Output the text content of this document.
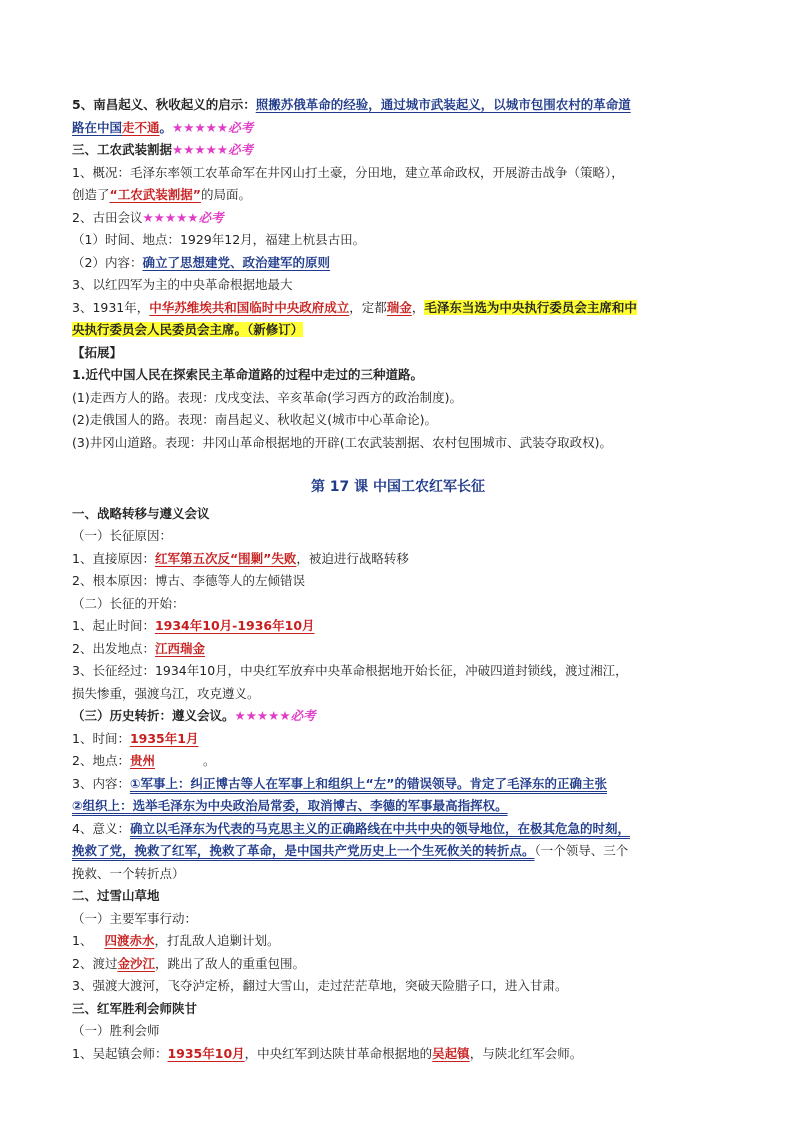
5、南昌起义、秋收起义的启示：照搬苏俄革命的经验，通过城市武装起义，以城市包围农村的革命道
路在中国走不通。★★★★★必考
三、工农武装割据★★★★★必考
1、概况：毛泽东率领工农革命军在井冈山打土豪，分田地，建立革命政权，开展游击战争（策略），
创造了“工农武装割据”的局面。
2、古田会议★★★★★必考
（1）时间、地点：1929年12月，福建上杭县古田。
（2）内容：确立了思想建党、政治建军的原则
3、以红四军为主的中央革命根据地最大
3、1931年，中华苏维埃共和国临时中央政府成立，定都瑞金，毛泽东当选为中央执行委员会主席和中
央执行委员会人民委员会主席。（新修订）
【拓展】
1.近代中国人民在探索民主革命道路的过程中走过的三种道路。
(1)走西方人的路。表现：戊戌变法、辛亥革命(学习西方的政治制度)。
(2)走俄国人的路。表现：南昌起义、秋收起义(城市中心革命论)。
(3)井冈山道路。表现：井冈山革命根据地的开辟(工农武装割据、农村包围城市、武装夺取政权)。
第 17 课 中国工农红军长征
一、战略转移与遵义会议
（一）长征原因：
1、直接原因：红军第五次反“围剿”失败，被迫进行战略转移
2、根本原因：博古、李德等人的左倾错误
（二）长征的开始：
1、起止时间：1934年10月-1936年10月
2、出发地点：江西瑞金
3、长征经过：1934年10月，中央红军放弃中央革命根据地开始长征，冲破四道封锁线，渡过湘江，
损失惨重，强渡乌江，攻克遵义。
（三）历史转折：遵义会议。★★★★★必考
1、时间：1935年1月
2、地点：贵州	。
3、内容：①军事上：纠正博古等人在军事上和组织上“左”的错误领导。肯定了毛泽东的正确主张
②组织上：选举毛泽东为中央政治局常委，取消博古、李德的军事最高指挥权。
4、意义：确立以毛泽东为代表的马克思主义的正确路线在中共中央的领导地位，在极其危急的时刻，
挽救了党，挽救了红军，挽救了革命，是中国共产党历史上一个生死攸关的转折点。（一个领导、三个
挽救、一个转折点）
二、过雪山草地
（一）主要军事行动：
1、 四渡赤水，打乱敌人追剿计划。
2、渡过金沙江，跳出了敌人的重重包围。
3、强渡大渡河，飞夺泸定桥，翻过大雪山，走过茫茫草地，突破天险腊子口，进入甘肃。
三、红军胜利会师陕甘
（一）胜利会师
1、吴起镇会师：1935年10月，中央红军到达陕甘革命根据地的吴起镇，与陕北红军会师。
